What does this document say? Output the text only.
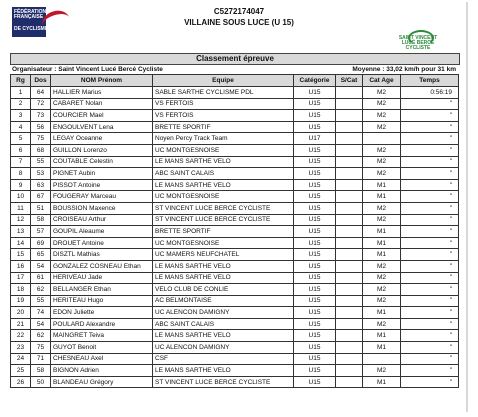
FÉDÉRATION
FRANÇAISE
DE CYCLISME
SAINT VINCENT
LUCÉ BERCÉ
CYCLISTE
C5272174047
VILLAINE SOUS LUCE (U 15)
Classement épreuve
Organisateur : Saint Vincent Lucé Bercé Cycliste	Moyenne : 33,02 km/h pour 31 km
Rg	Dos	NOM Prénom	Equipe	Catégorie	S/Cat	Cat Age	Temps
1	64	HALLIER Marius	SABLE SARTHE CYCLISME PDL	U15		M2	0:56:19
2	72	CABARET Nolan	VS FERTOIS	U15		M2	"
3	73	COURCIER Mael	VS FERTOIS	U15		M2	"
4	56	ENGOULVENT Lena	BRETTE SPORTIF	U15		M2	"
5	75	LEGAY Oceanne	Noyen Percy Track Team	U17			"
6	68	GUILLON Lorenzo	UC MONTGESNOISE	U15		M2	"
7	55	COUTABLE Celestin	LE MANS SARTHE VELO	U15		M2	"
8	53	PIGNET Aubin	ABC SAINT CALAIS	U15		M2	"
9	63	PISSOT Antoine	LE MANS SARTHE VELO	U15		M1	"
10	67	FOUGERAY Marceau	UC MONTGESNOISE	U15		M1	"
11	51	BOUSSION Maxence	ST VINCENT LUCE BERCE CYCLISTE	U15		M2	"
12	58	CROISEAU Arthur	ST VINCENT LUCE BERCE CYCLISTE	U15		M2	"
13	57	GOUPIL Aleaume	BRETTE SPORTIF	U15		M1	"
14	69	DROUET Antoine	UC MONTGESNOISE	U15		M1	"
15	65	DISZTL Mathias	UC MAMERS NEUFCHATEL	U15		M1	"
16	54	GONZALEZ COSNEAU Ethan	LE MANS SARTHE VELO	U15		M2	"
17	61	HERIVEAU Jade	LE MANS SARTHE VELO	U15		M2	"
18	62	BELLANGER Ethan	VELO CLUB DE CONLIE	U15		M2	"
19	55	HERITEAU Hugo	AC BELMONTAISE	U15		M2	"
20	74	EDON Juliette	UC ALENCON DAMIGNY	U15		M1	"
21	54	POULARD Alexandre	ABC SAINT CALAIS	U15		M2	"
22	62	MAINGRET Teiva	LE MANS SARTHE VELO	U15		M1	"
23	75	GUYOT Benoit	UC ALENCON DAMIGNY	U15		M1	"
24	71	CHESNEAU Axel	CSF	U15			"
25	58	BIGNON Adrien	LE MANS SARTHE VELO	U15		M2	"
26	50	BLANDEAU Grégory	ST VINCENT LUCE BERCE CYCLISTE	U15		M1	"
